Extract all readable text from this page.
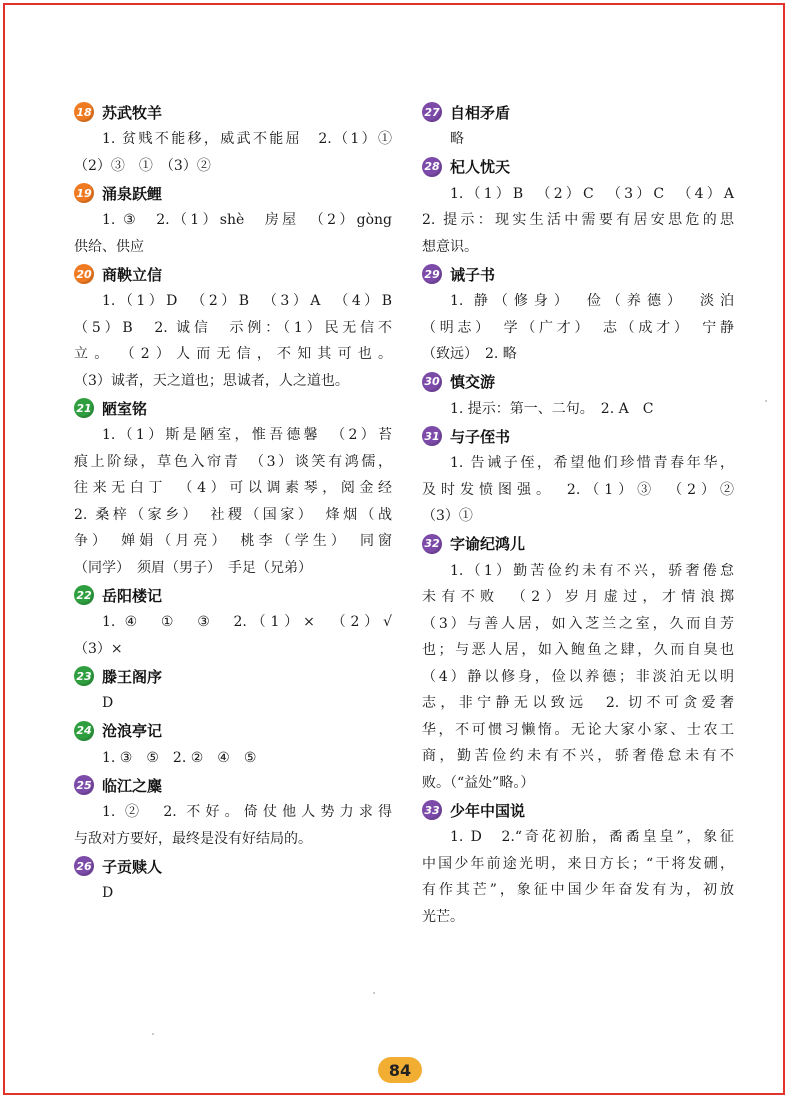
18 苏武牧羊
1. 贫贱不能移，威武不能屈　2.（1）①
（2）③　①　（3）②
19 涌泉跃鲤
1. ③　2.（1）shè　房屋　（2）gòng
供给、供应
20 商鞅立信
1.（1）D　（2）B　（3）A　（4）B
（5）B　2. 诚信　示例：（1）民无信不
立。　（2）人而无信，不知其可也。
（3）诚者，天之道也；思诚者，人之道也。
21 陋室铭
1.（1）斯是陋室，惟吾德馨　（2）苔
痕上阶绿，草色入帘青　（3）谈笑有鸿儒，
往来无白丁　（4）可以调素琴，阅金经
2. 桑梓（家乡）　社稷（国家）　烽烟（战
争）　婵娟（月亮）　桃李（学生）　同窗
（同学）　须眉（男子）　手足（兄弟）
22 岳阳楼记
1. ④　①　③　2.（1）×　（2）√
（3）×
23 滕王阁序
D
24 沧浪亭记
1. ③　⑤　2. ②　④　⑤
25 临江之麋
1. ②　2. 不好。倚仗他人势力求得
与敌对方要好，最终是没有好结局的。
26 子贡赎人
D
27 自相矛盾
略
28 杞人忧天
1.（1）B　（2）C　（3）C　（4）A
2. 提示：现实生活中需要有居安思危的思
想意识。
29 诫子书
1. 静（修身）　俭（养德）　淡泊
（明志）　学（广才）　志（成才）　宁静
（致远）　2. 略
30 慎交游
1. 提示：第一、二句。　2. A　C
31 与子侄书
1. 告诫子侄，希望他们珍惜青春年华，
及时发愤图强。　2.（1）③　（2）②
（3）①
32 字谕纪鸿儿
1.（1）勤苦俭约未有不兴，骄奢倦怠
未有不败　（2）岁月虚过，才情浪掷
（3）与善人居，如入芝兰之室，久而自芳
也；与恶人居，如入鲍鱼之肆，久而自臭也
（4）静以修身，俭以养德；非淡泊无以明
志，非宁静无以致远　2. 切不可贪爱奢
华，不可惯习懒惰。无论大家小家、士农工
商，勤苦俭约未有不兴，骄奢倦怠未有不
败。（“益处”略。）
33 少年中国说
1. D　2.“奇花初胎，矞矞皇皇”，象征
中国少年前途光明，来日方长；“干将发硎，
有作其芒”，象征中国少年奋发有为，初放
光芒。
84
